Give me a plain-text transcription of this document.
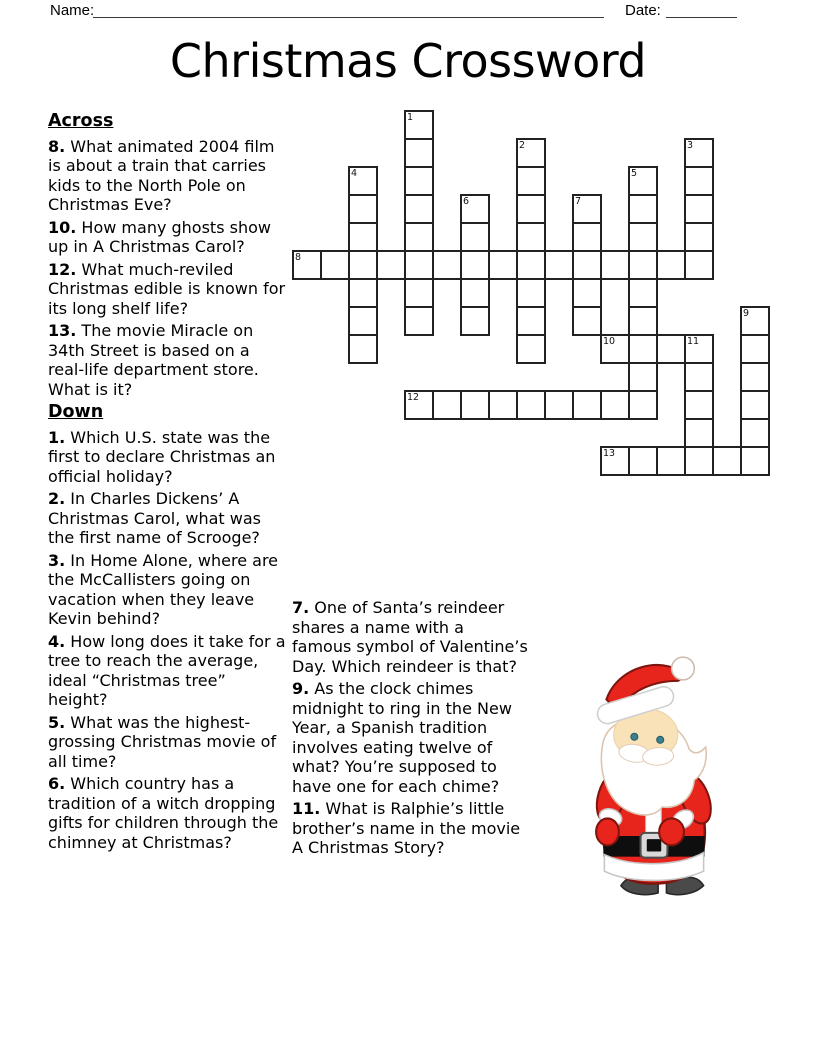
Name:	Date:
Christmas Crossword
1
2	3
4	5
6	7
8
9
10	11
12
13

Across

8. What animated 2004 film is about a train that carries kids to the North Pole on Christmas Eve?

10. How many ghosts show up in A Christmas Carol?

12. What much-reviled Christmas edible is known for its long shelf life?

13. The movie Miracle on 34th Street is based on a real-life department store. What is it?

Down

1. Which U.S. state was the first to declare Christmas an official holiday?

2. In Charles Dickens’ A Christmas Carol, what was the first name of Scrooge?

3. In Home Alone, where are the McCallisters going on vacation when they leave Kevin behind?

4. How long does it take for a tree to reach the average, ideal “Christmas tree” height?

5. What was the highest-grossing Christmas movie of all time?

6. Which country has a tradition of a witch dropping gifts for children through the chimney at Christmas?

7. One of Santa’s reindeer shares a name with a famous symbol of Valentine’s Day. Which reindeer is that?

9. As the clock chimes midnight to ring in the New Year, a Spanish tradition involves eating twelve of what? You’re supposed to have one for each chime?

11. What is Ralphie’s little brother’s name in the movie A Christmas Story?
